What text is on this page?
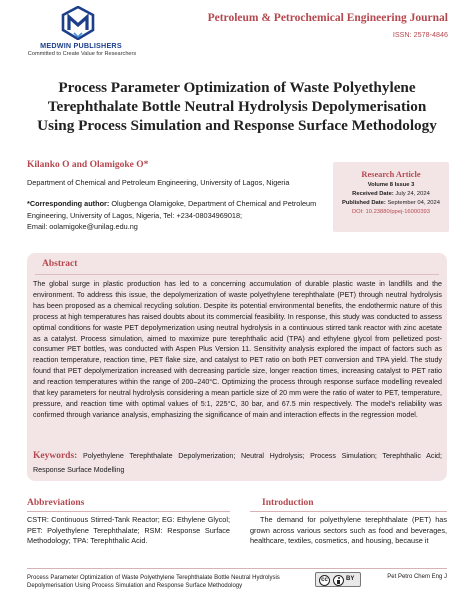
MEDWIN PUBLISHERS
Committed to Create Value for Researchers
Petroleum & Petrochemical Engineering Journal
ISSN: 2578-4846
Process Parameter Optimization of Waste Polyethylene Terephthalate Bottle Neutral Hydrolysis Depolymerisation Using Process Simulation and Response Surface Methodology
Kilanko O and Olamigoke O*
Department of Chemical and Petroleum Engineering, University of Lagos, Nigeria
*Corresponding author: Olugbenga Olamigoke, Department of Chemical and Petroleum Engineering, University of Lagos, Nigeria, Tel: +234-08034969018;
Email: oolamigoke@unilag.edu.ng
Research Article
Volume 8 Issue 3
Received Date: July 24, 2024
Published Date: September 04, 2024
DOI: 10.23880/ppej-16000393
Abstract

The global surge in plastic production has led to a concerning accumulation of durable plastic waste in landfills and the environment. To address this issue, the depolymerization of waste polyethylene terephthalate (PET) through neutral hydrolysis has been proposed as a chemical recycling solution. Despite its potential environmental benefits, the endothermic nature of this process at high temperatures has raised doubts about its commercial feasibility. In response, this study was conducted to assess optimal conditions for waste PET depolymerization using neutral hydrolysis in a continuous stirred tank reactor with zinc acetate as a catalyst. Process simulation, aimed to maximize pure terephthalic acid (TPA) and ethylene glycol from pelletized post-consumer PET bottles, was conducted with Aspen Plus Version 11. Sensitivity analysis explored the impact of factors such as reaction temperature, reaction time, PET flake size, and catalyst to PET ratio on both PET conversion and TPA yield. The study found that PET depolymerization increased with decreasing particle size, longer reaction times, increasing catalyst to PET ratio and reaction temperatures within the range of 200–240°C. Optimizing the process through response surface modelling revealed that key parameters for neutral hydrolysis considering a mean particle size of 20 mm were the ratio of water to PET, temperature, pressure, and reaction time with optimal values of 5:1, 225°C, 30 bar, and 67.5 min respectively. The model's reliability was confirmed through variance analysis, emphasizing the significance of main and interaction effects in the regression model.

Keywords: Polyethylene Terephthalate Depolymerization; Neutral Hydrolysis; Process Simulation; Terephthalic Acid; Response Surface Modelling

Abbreviations

CSTR: Continuous Stirred-Tank Reactor; EG: Ethylene Glycol; PET: Polyethylene Terephthalate; RSM: Response Surface Methodology; TPA: Terephthalic Acid.

Introduction

The demand for polyethylene terephthalate (PET) has grown across various sectors such as food and beverages, healthcare, textiles, cosmetics, and housing, because it

Process Parameter Optimization of Waste Polyethylene Terephthalate Bottle Neutral Hydrolysis Depolymerisation Using Process Simulation and Response Surface Methodology
cc	BY	Pet Petro Chem Eng J
